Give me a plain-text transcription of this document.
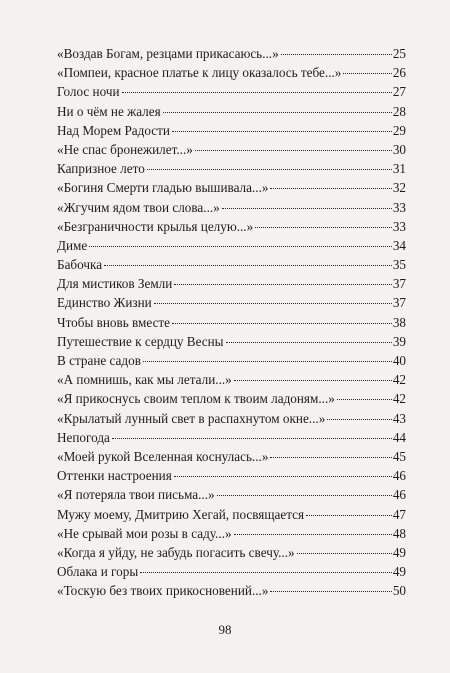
«Воздав Богам, резцами прикасаюсь...»	25
«Помпеи, красное платье к лицу оказалось тебе...»	26
Голос ночи	27
Ни о чём не жалея	28
Над Морем Радости	29
«Не спас бронежилет...»	30
Капризное лето	31
«Богиня Смерти гладью вышивала...»	32
«Жгучим ядом твои слова...»	33
«Безграничности крылья целую...»	33
Диме	34
Бабочка	35
Для мистиков Земли	37
Единство Жизни	37
Чтобы вновь вместе	38
Путешествие к сердцу Весны	39
В стране садов	40
«А помнишь, как мы летали...»	42
«Я прикоснусь своим теплом к твоим ладоням...»	42
«Крылатый лунный свет в распахнутом окне...»	43
Непогода	44
«Моей рукой Вселенная коснулась...»	45
Оттенки настроения	46
«Я потеряла твои письма...»	46
Мужу моему, Дмитрию Хегай, посвящается	47
«Не срывай мои розы в саду...»	48
«Когда я уйду, не забудь погасить свечу...»	49
Облака и горы	49
«Тоскую без твоих прикосновений...»	50
98
